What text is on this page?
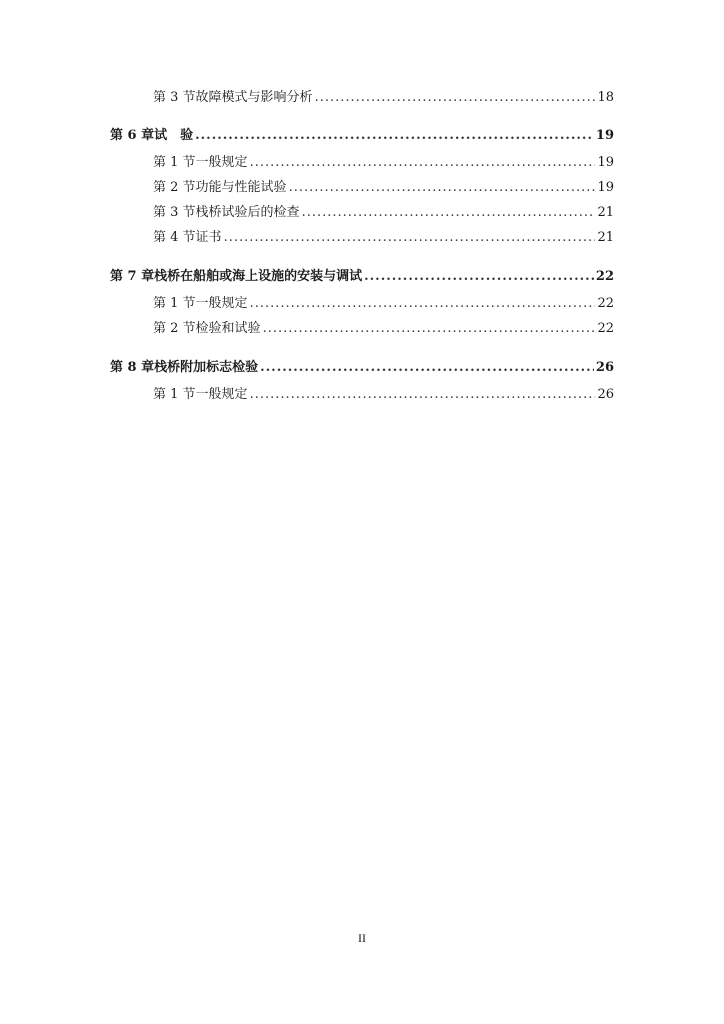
第 3 节 故障模式与影响分析 .....	18
第 6 章 试　验 .....	19
第 1 节 一般规定 .....	19
第 2 节 功能与性能试验 .....	19
第 3 节 栈桥试验后的检查 .....	21
第 4 节 证书 .....	21
第 7 章 栈桥在船舶或海上设施的安装与调试 .....	22
第 1 节 一般规定 .....	22
第 2 节 检验和试验 .....	22
第 8 章 栈桥附加标志检验 .....	26
第 1 节 一般规定 .....	26
II
